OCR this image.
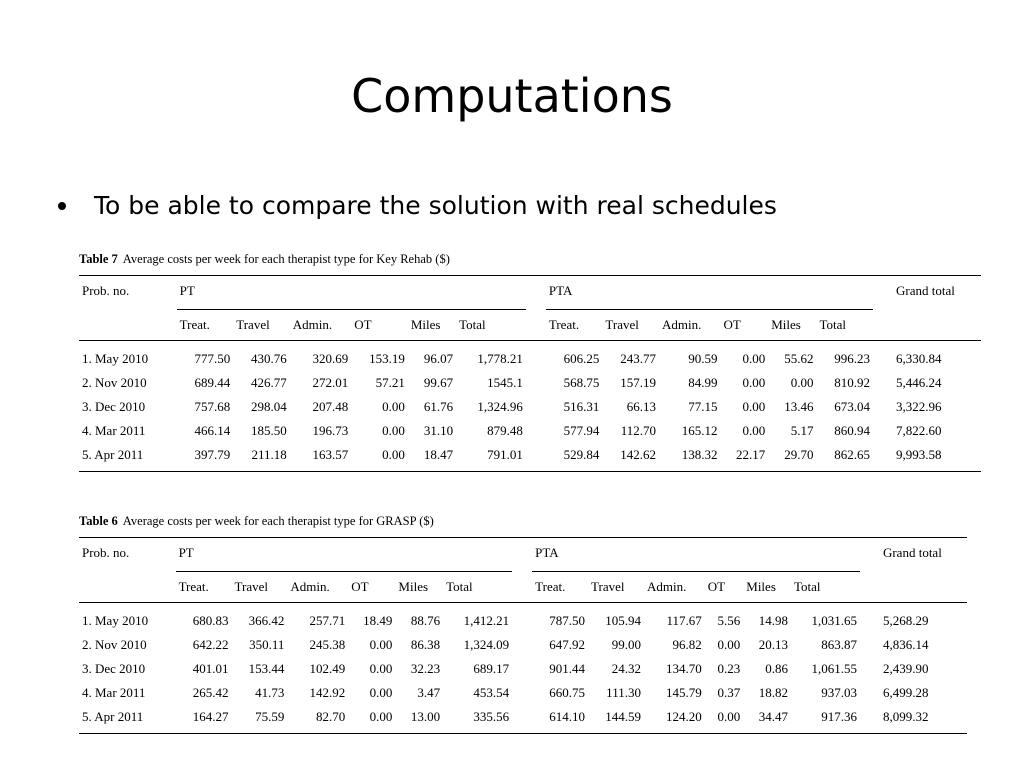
Computations
To be able to compare the solution with real schedules
Table 7 Average costs per week for each therapist type for Key Rehab ($)
Prob. no.	PT							PTA							Grand total
	Treat.	Travel	Admin.	OT	Miles	Total		Treat.	Travel	Admin.	OT	Miles	Total		
1. May 2010	777.50	430.76	320.69	153.19	96.07	1,778.21		606.25	243.77	90.59	0.00	55.62	996.23		6,330.84
2. Nov 2010	689.44	426.77	272.01	57.21	99.67	1545.1		568.75	157.19	84.99	0.00	0.00	810.92		5,446.24
3. Dec 2010	757.68	298.04	207.48	0.00	61.76	1,324.96		516.31	66.13	77.15	0.00	13.46	673.04		3,322.96
4. Mar 2011	466.14	185.50	196.73	0.00	31.10	879.48		577.94	112.70	165.12	0.00	5.17	860.94		7,822.60
5. Apr 2011	397.79	211.18	163.57	0.00	18.47	791.01		529.84	142.62	138.32	22.17	29.70	862.65		9,993.58
Table 6 Average costs per week for each therapist type for GRASP ($)
Prob. no.	PT							PTA							Grand total
	Treat.	Travel	Admin.	OT	Miles	Total		Treat.	Travel	Admin.	OT	Miles	Total		
1. May 2010	680.83	366.42	257.71	18.49	88.76	1,412.21		787.50	105.94	117.67	5.56	14.98	1,031.65		5,268.29
2. Nov 2010	642.22	350.11	245.38	0.00	86.38	1,324.09		647.92	99.00	96.82	0.00	20.13	863.87		4,836.14
3. Dec 2010	401.01	153.44	102.49	0.00	32.23	689.17		901.44	24.32	134.70	0.23	0.86	1,061.55		2,439.90
4. Mar 2011	265.42	41.73	142.92	0.00	3.47	453.54		660.75	111.30	145.79	0.37	18.82	937.03		6,499.28
5. Apr 2011	164.27	75.59	82.70	0.00	13.00	335.56		614.10	144.59	124.20	0.00	34.47	917.36		8,099.32
